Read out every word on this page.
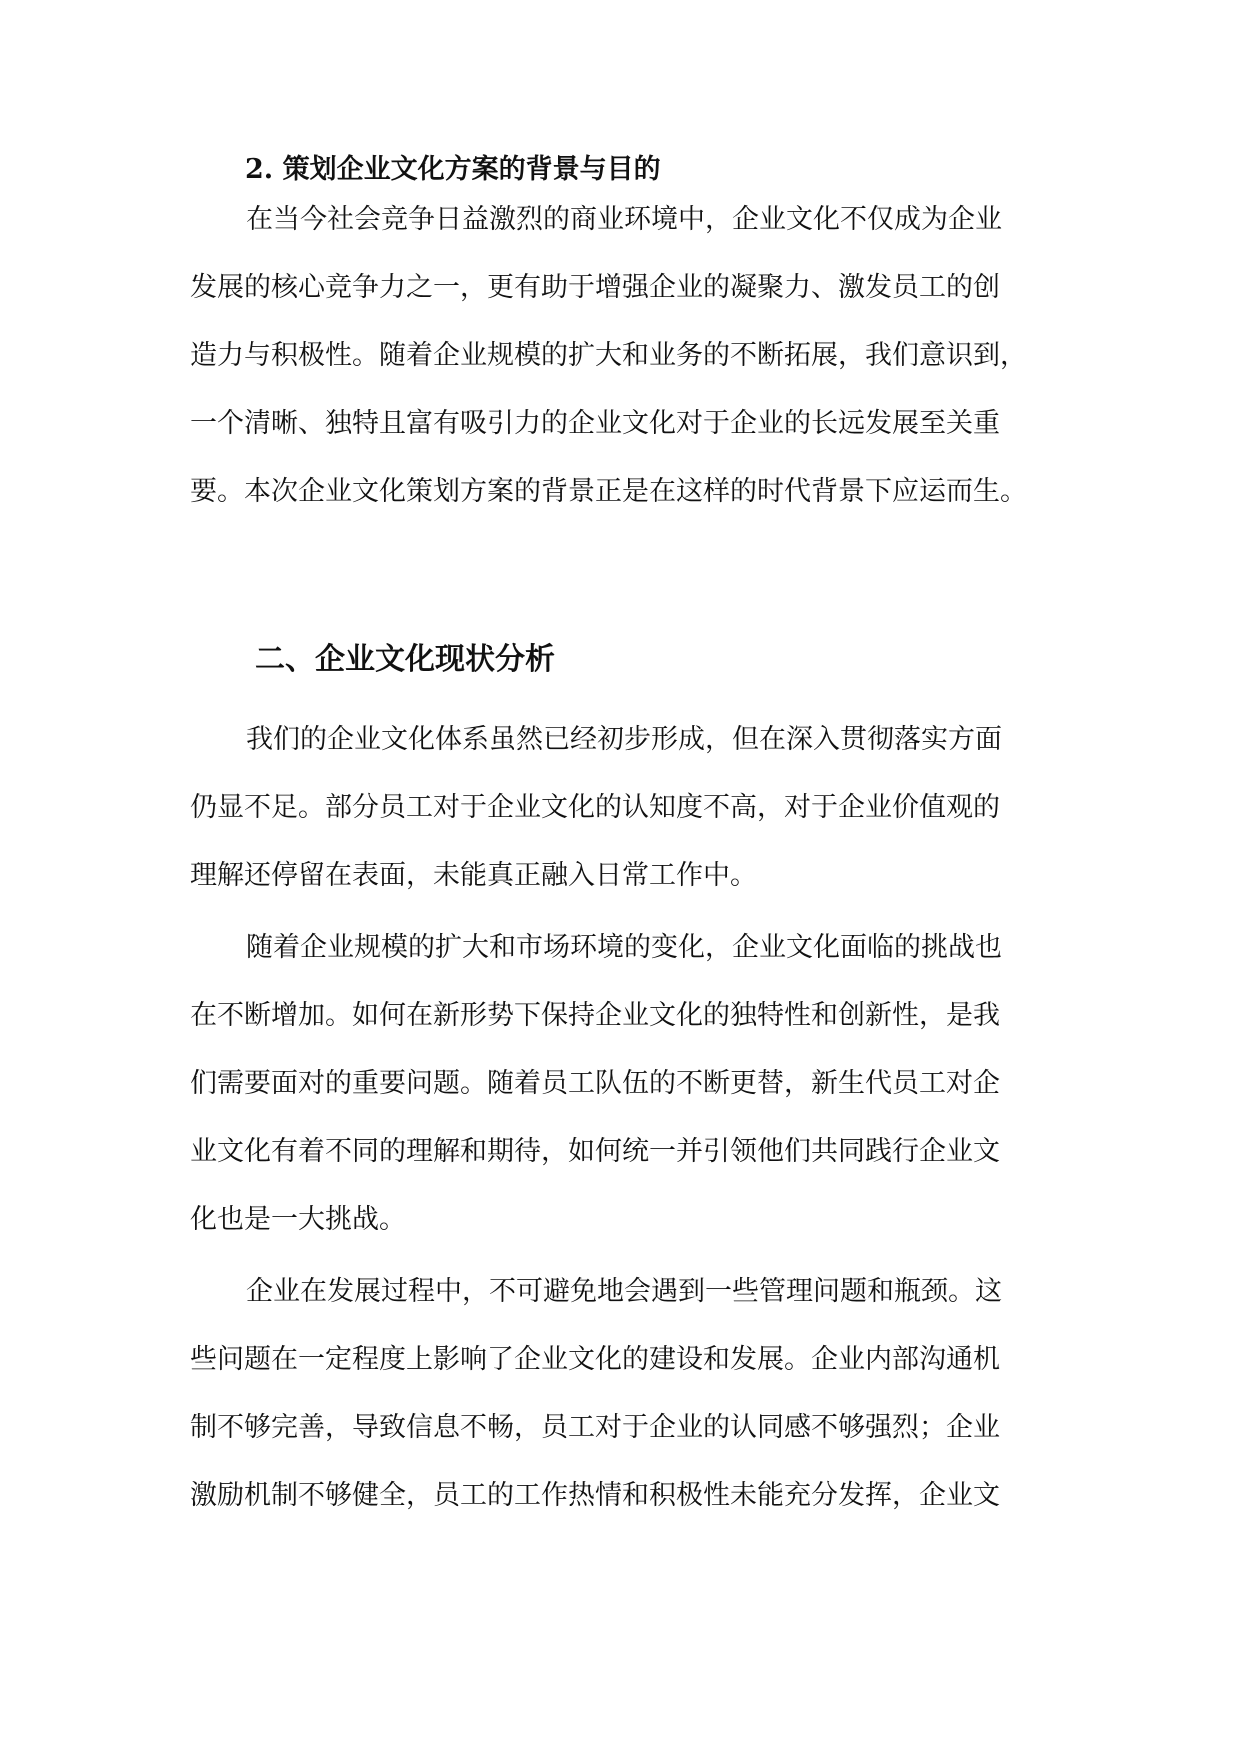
2. 策划企业文化方案的背景与目的
在当今社会竞争日益激烈的商业环境中，企业文化不仅成为企业
发展的核心竞争力之一，更有助于增强企业的凝聚力、激发员工的创
造力与积极性。随着企业规模的扩大和业务的不断拓展，我们意识到，
一个清晰、独特且富有吸引力的企业文化对于企业的长远发展至关重
要。本次企业文化策划方案的背景正是在这样的时代背景下应运而生。
二、企业文化现状分析
我们的企业文化体系虽然已经初步形成，但在深入贯彻落实方面
仍显不足。部分员工对于企业文化的认知度不高，对于企业价值观的
理解还停留在表面，未能真正融入日常工作中。
随着企业规模的扩大和市场环境的变化，企业文化面临的挑战也
在不断增加。如何在新形势下保持企业文化的独特性和创新性，是我
们需要面对的重要问题。随着员工队伍的不断更替，新生代员工对企
业文化有着不同的理解和期待，如何统一并引领他们共同践行企业文
化也是一大挑战。
企业在发展过程中，不可避免地会遇到一些管理问题和瓶颈。这
些问题在一定程度上影响了企业文化的建设和发展。企业内部沟通机
制不够完善，导致信息不畅，员工对于企业的认同感不够强烈；企业
激励机制不够健全，员工的工作热情和积极性未能充分发挥，企业文
